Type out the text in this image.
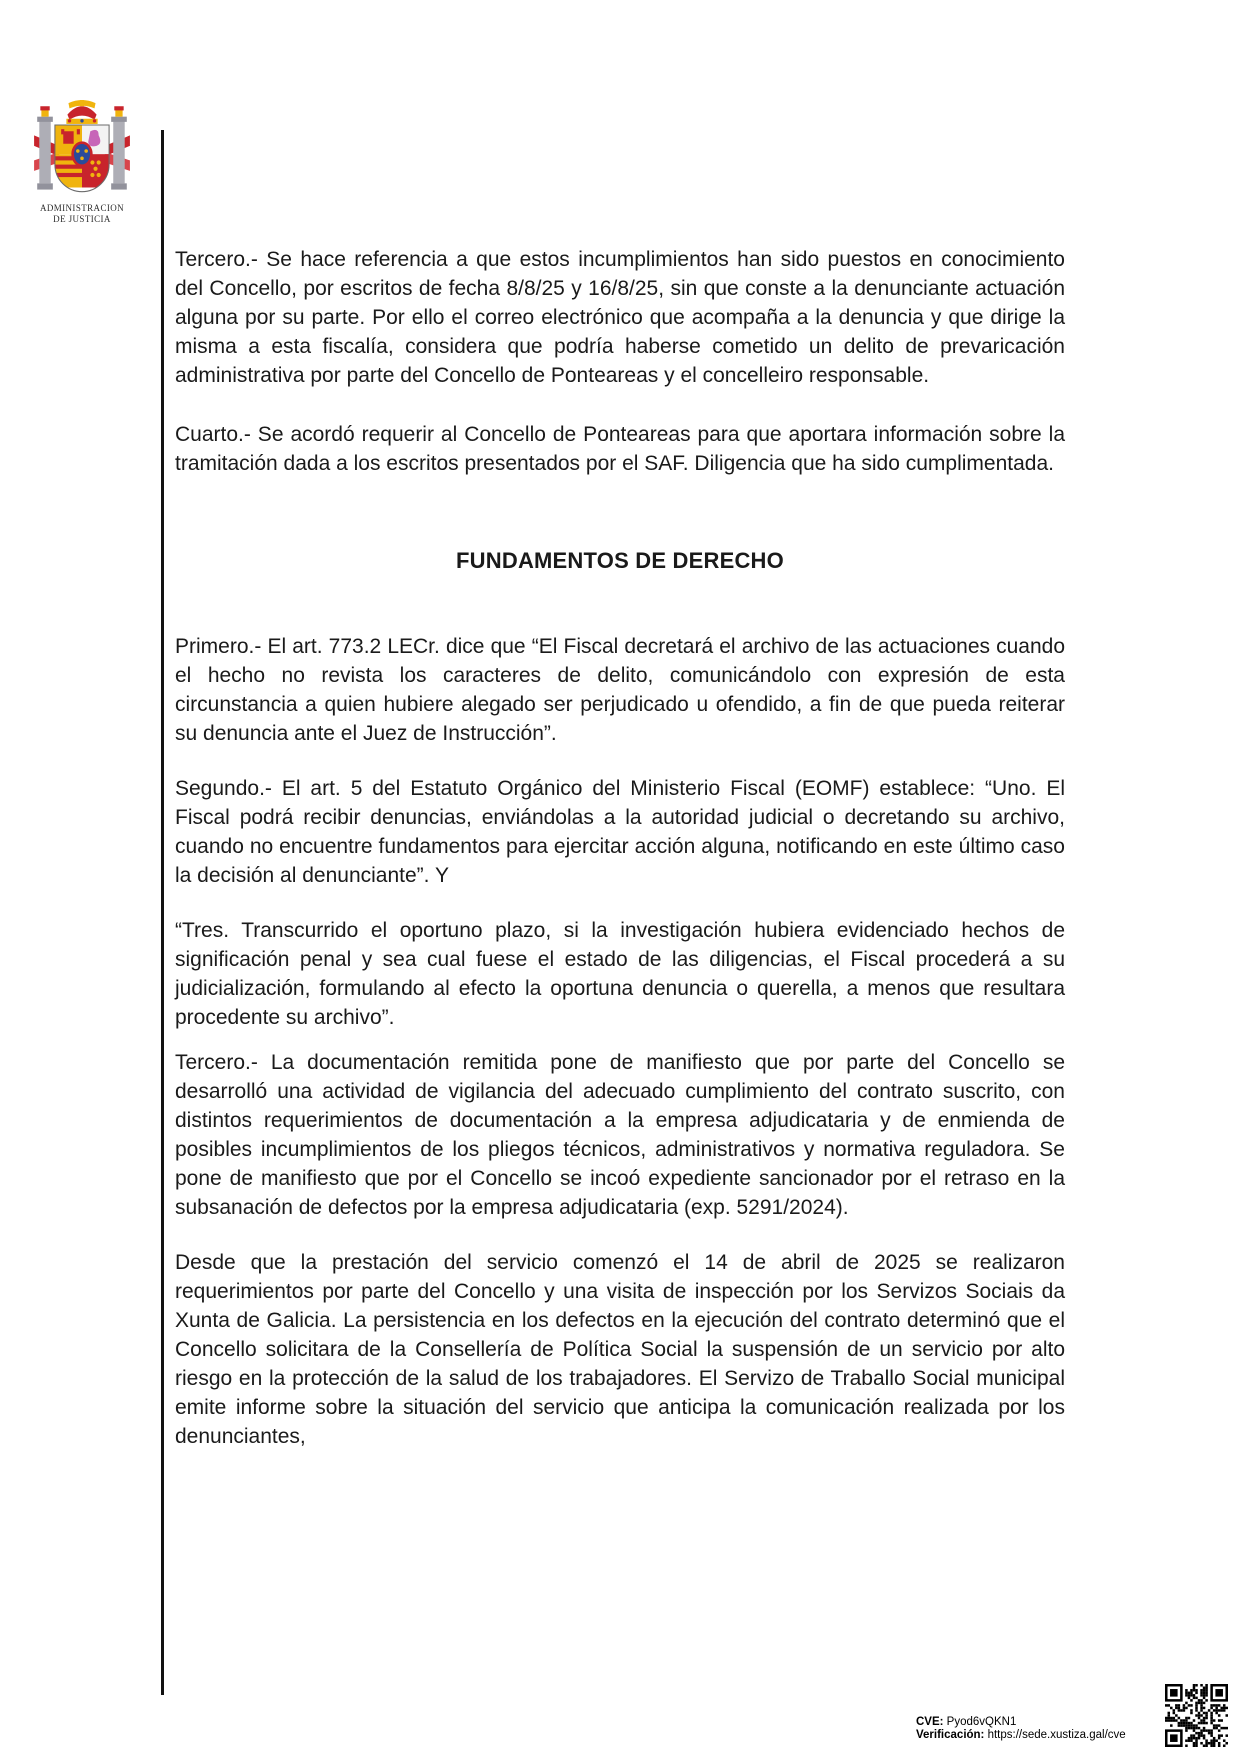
ADMINISTRACION
DE JUSTICIA

Tercero.- Se hace referencia a que estos incumplimientos han sido puestos en conocimiento del Concello, por escritos de fecha 8/8/25 y 16/8/25, sin que conste a la denunciante actuación alguna por su parte. Por ello el correo electrónico que acompaña a la denuncia y que dirige la misma a esta fiscalía, considera que podría haberse cometido un delito de prevaricación administrativa por parte del Concello de Ponteareas y el concelleiro responsable.

Cuarto.- Se acordó requerir al Concello de Ponteareas para que aportara información sobre la tramitación dada a los escritos presentados por el SAF. Diligencia que ha sido cumplimentada.

FUNDAMENTOS DE DERECHO

Primero.- El art. 773.2 LECr. dice que “El Fiscal decretará el archivo de las actuaciones cuando el hecho no revista los caracteres de delito, comunicándolo con expresión de esta circunstancia a quien hubiere alegado ser perjudicado u ofendido, a fin de que pueda reiterar su denuncia ante el Juez de Instrucción”.

Segundo.- El art. 5 del Estatuto Orgánico del Ministerio Fiscal (EOMF) establece: “Uno. El Fiscal podrá recibir denuncias, enviándolas a la autoridad judicial o decretando su archivo, cuando no encuentre fundamentos para ejercitar acción alguna, notificando en este último caso la decisión al denunciante”. Y

“Tres. Transcurrido el oportuno plazo, si la investigación hubiera evidenciado hechos de significación penal y sea cual fuese el estado de las diligencias, el Fiscal procederá a su judicialización, formulando al efecto la oportuna denuncia o querella, a menos que resultara procedente su archivo”.

Tercero.- La documentación remitida pone de manifiesto que por parte del Concello se desarrolló una actividad de vigilancia del adecuado cumplimiento del contrato suscrito, con distintos requerimientos de documentación a la empresa adjudicataria y de enmienda de posibles incumplimientos de los pliegos técnicos, administrativos y normativa reguladora. Se pone de manifiesto que por el Concello se incoó expediente sancionador por el retraso en la subsanación de defectos por la empresa adjudicataria (exp. 5291/2024).

Desde que la prestación del servicio comenzó el 14 de abril de 2025 se realizaron requerimientos por parte del Concello y una visita de inspección por los Servizos Sociais da Xunta de Galicia. La persistencia en los defectos en la ejecución del contrato determinó que el Concello solicitara de la Consellería de Política Social la suspensión de un servicio por alto riesgo en la protección de la salud de los trabajadores. El Servizo de Traballo Social municipal emite informe sobre la situación del servicio que anticipa la comunicación realizada por los denunciantes,

CVE: Pyod6vQKN1
Verificación: https://sede.xustiza.gal/cve
